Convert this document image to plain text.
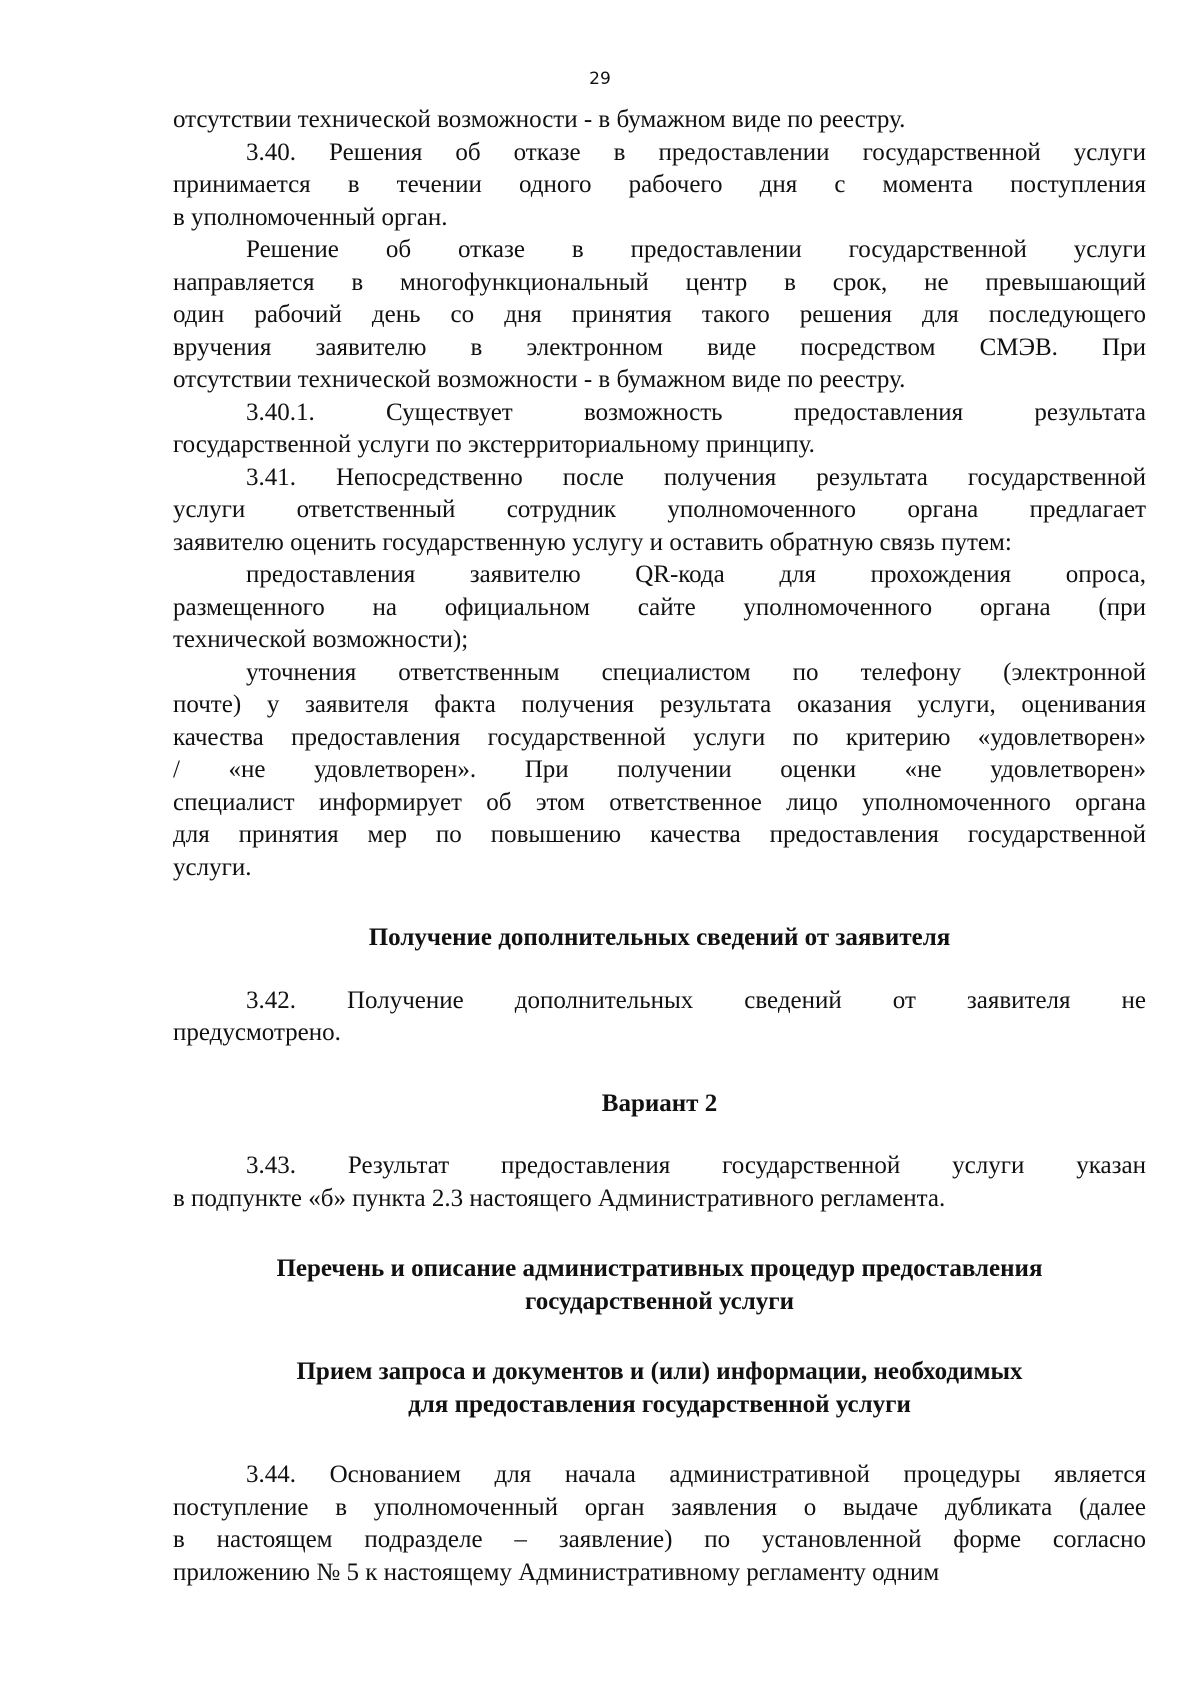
29
отсутствии технической возможности - в бумажном виде по реестру.
3.40. Решения об отказе в предоставлении государственной услуги
принимается в течении одного рабочего дня с момента поступления
в уполномоченный орган.
Решение об отказе в предоставлении государственной услуги
направляется в многофункциональный центр в срок, не превышающий
один рабочий день со дня принятия такого решения для последующего
вручения заявителю в электронном виде посредством СМЭВ. При
отсутствии технической возможности - в бумажном виде по реестру.
3.40.1. Существует возможность предоставления результата
государственной услуги по экстерриториальному принципу.
3.41. Непосредственно после получения результата государственной
услуги ответственный сотрудник уполномоченного органа предлагает
заявителю оценить государственную услугу и оставить обратную связь путем:
предоставления заявителю QR-кода для прохождения опроса,
размещенного на официальном сайте уполномоченного органа (при
технической возможности);
уточнения ответственным специалистом по телефону (электронной
почте) у заявителя факта получения результата оказания услуги, оценивания
качества предоставления государственной услуги по критерию «удовлетворен»
/ «не удовлетворен». При получении оценки «не удовлетворен»
специалист информирует об этом ответственное лицо уполномоченного органа
для принятия мер по повышению качества предоставления государственной
услуги.
Получение дополнительных сведений от заявителя
3.42. Получение дополнительных сведений от заявителя не
предусмотрено.
Вариант 2
3.43. Результат предоставления государственной услуги указан
в подпункте «б» пункта 2.3 настоящего Административного регламента.
Перечень и описание административных процедур предоставления
государственной услуги
Прием запроса и документов и (или) информации, необходимых
для предоставления государственной услуги
3.44. Основанием для начала административной процедуры является
поступление в уполномоченный орган заявления о выдаче дубликата (далее
в настоящем подразделе – заявление) по установленной форме согласно
приложению № 5 к настоящему Административному регламенту одним
